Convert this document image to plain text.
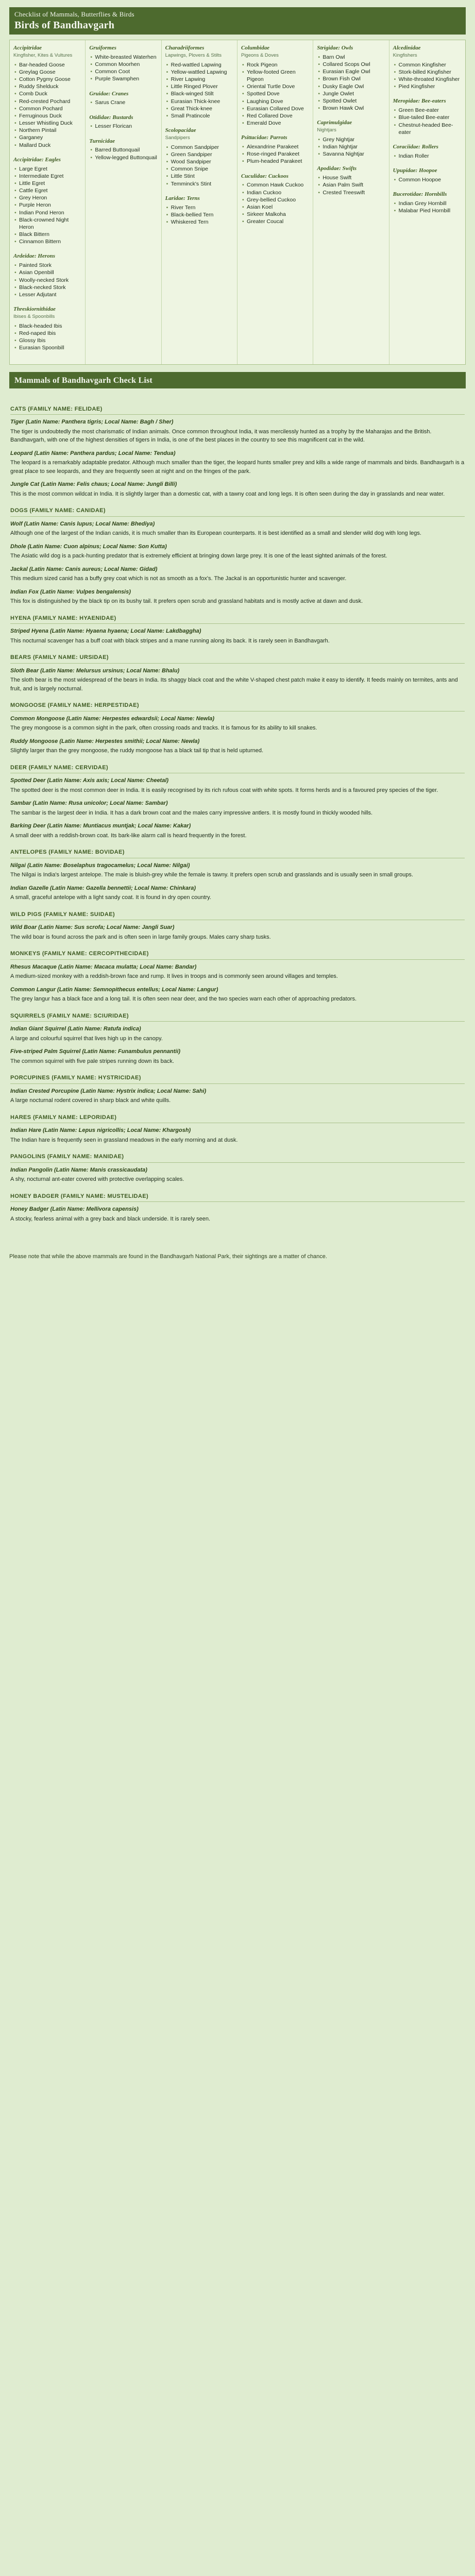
Checklist of Mammals, Butterflies & Birds
Birds of Bandhavgarh
Accipitridae
Kingfisher, Kites & Vultures
• Bar-headed Goose
• Greylag Goose
• Cotton Pygmy Goose
• Ruddy Shelduck
• Comb Duck
• Red-crested Pochard
• Common Pochard
• Ferruginous Duck
• Lesser Whistling Duck
• Northern Pintail
• Garganey
• Mallard Duck
Accipitridae: Eagles
• Large Egret
• Intermediate Egret
• Little Egret
• Cattle Egret
• Grey Heron
• Purple Heron
• Indian Pond Heron
• Black-crowned Night Heron
• Black Bittern
• Cinnamon Bittern
Ardeidae: Herons
• Painted Stork
• Asian Openbill
• Woolly-necked Stork
• Black-necked Stork
• Lesser Adjutant
Threskiornithidae
Ibises & Spoonbills
• Black-headed Ibis
• Red-naped Ibis
• Glossy Ibis
• Eurasian Spoonbill
Gruiformes
• White-breasted Waterhen
• Common Moorhen
• Common Coot
• Purple Swamphen
Gruidae: Cranes
• Sarus Crane
Otididae: Bustards
• Lesser Florican
Turnicidae
• Barred Buttonquail
• Yellow-legged Buttonquail
Charadriiformes
Lapwings, Plovers & Stilts
• Red-wattled Lapwing
• Yellow-wattled Lapwing
• River Lapwing
• Little Ringed Plover
• Black-winged Stilt
• Eurasian Thick-knee
• Great Thick-knee
• Small Pratincole
Scolopacidae
Sandpipers
• Common Sandpiper
• Green Sandpiper
• Wood Sandpiper
• Common Snipe
• Little Stint
• Temminck's Stint
Laridae: Terns
• River Tern
• Black-bellied Tern
• Whiskered Tern
Columbidae
Pigeons & Doves
• Rock Pigeon
• Yellow-footed Green Pigeon
• Oriental Turtle Dove
• Spotted Dove
• Laughing Dove
• Eurasian Collared Dove
• Red Collared Dove
• Emerald Dove
Psittacidae: Parrots
• Alexandrine Parakeet
• Rose-ringed Parakeet
• Plum-headed Parakeet
Cuculidae: Cuckoos
• Common Hawk Cuckoo
• Indian Cuckoo
• Grey-bellied Cuckoo
• Asian Koel
• Sirkeer Malkoha
• Greater Coucal
Strigidae: Owls
• Barn Owl
• Collared Scops Owl
• Eurasian Eagle Owl
• Brown Fish Owl
• Dusky Eagle Owl
• Jungle Owlet
• Spotted Owlet
• Brown Hawk Owl
Caprimulgidae
Nightjars
• Grey Nightjar
• Indian Nightjar
• Savanna Nightjar
Apodidae: Swifts
• House Swift
• Asian Palm Swift
• Crested Treeswift
Alcedinidae
Kingfishers
• Common Kingfisher
• Stork-billed Kingfisher
• White-throated Kingfisher
• Pied Kingfisher
Meropidae: Bee-eaters
• Green Bee-eater
• Blue-tailed Bee-eater
• Chestnut-headed Bee-eater
Coraciidae: Rollers
• Indian Roller
Upupidae: Hoopoe
• Common Hoopoe
Bucerotidae: Hornbills
• Indian Grey Hornbill
• Malabar Pied Hornbill
Mammals of Bandhavgarh Check List
CATS (FAMILY NAME: FELIDAE)
Tiger (Latin Name: Panthera tigris; Local Name: Bagh / Sher)

The tiger is undoubtedly the most charismatic of Indian animals. Once common throughout India, it was mercilessly hunted as a trophy by the Maharajas and the British. Bandhavgarh, with one of the highest densities of tigers in India, is one of the best places in the country to see this magnificent cat in the wild.

Leopard (Latin Name: Panthera pardus; Local Name: Tendua)

The leopard is a remarkably adaptable predator. Although much smaller than the tiger, the leopard hunts smaller prey and kills a wide range of mammals and birds. Bandhavgarh is a great place to see leopards, and they are frequently seen at night and on the fringes of the park.

Jungle Cat (Latin Name: Felis chaus; Local Name: Jungli Billi)

This is the most common wildcat in India. It is slightly larger than a domestic cat, with a tawny coat and long legs. It is often seen during the day in grasslands and near water.

DOGS (FAMILY NAME: CANIDAE)
Wolf (Latin Name: Canis lupus; Local Name: Bhediya)

Although one of the largest of the Indian canids, it is much smaller than its European counterparts. It is best identified as a small and slender wild dog with long legs.

Dhole (Latin Name: Cuon alpinus; Local Name: Son Kutta)

The Asiatic wild dog is a pack-hunting predator that is extremely efficient at bringing down large prey. It is one of the least sighted animals of the forest.

Jackal (Latin Name: Canis aureus; Local Name: Gidad)

This medium sized canid has a buffy grey coat which is not as smooth as a fox's. The Jackal is an opportunistic hunter and scavenger.

Indian Fox (Latin Name: Vulpes bengalensis)

This fox is distinguished by the black tip on its bushy tail. It prefers open scrub and grassland habitats and is mostly active at dawn and dusk.

HYENA (FAMILY NAME: HYAENIDAE)
Striped Hyena (Latin Name: Hyaena hyaena; Local Name: Lakdbaggha)

This nocturnal scavenger has a buff coat with black stripes and a mane running along its back. It is rarely seen in Bandhavgarh.

BEARS (FAMILY NAME: URSIDAE)
Sloth Bear (Latin Name: Melursus ursinus; Local Name: Bhalu)

The sloth bear is the most widespread of the bears in India. Its shaggy black coat and the white V-shaped chest patch make it easy to identify. It feeds mainly on termites, ants and fruit, and is largely nocturnal.

MONGOOSE (FAMILY NAME: HERPESTIDAE)
Common Mongoose (Latin Name: Herpestes edwardsii; Local Name: Newla)

The grey mongoose is a common sight in the park, often crossing roads and tracks. It is famous for its ability to kill snakes.

Ruddy Mongoose (Latin Name: Herpestes smithii; Local Name: Newla)

Slightly larger than the grey mongoose, the ruddy mongoose has a black tail tip that is held upturned.

DEER (FAMILY NAME: CERVIDAE)
Spotted Deer (Latin Name: Axis axis; Local Name: Cheetal)

The spotted deer is the most common deer in India. It is easily recognised by its rich rufous coat with white spots. It forms herds and is a favoured prey species of the tiger.

Sambar (Latin Name: Rusa unicolor; Local Name: Sambar)

The sambar is the largest deer in India. It has a dark brown coat and the males carry impressive antlers. It is mostly found in thickly wooded hills.

Barking Deer (Latin Name: Muntiacus muntjak; Local Name: Kakar)

A small deer with a reddish-brown coat. Its bark-like alarm call is heard frequently in the forest.

ANTELOPES (FAMILY NAME: BOVIDAE)
Nilgai (Latin Name: Boselaphus tragocamelus; Local Name: Nilgai)

The Nilgai is India's largest antelope. The male is bluish-grey while the female is tawny. It prefers open scrub and grasslands and is usually seen in small groups.

Indian Gazelle (Latin Name: Gazella bennettii; Local Name: Chinkara)

A small, graceful antelope with a light sandy coat. It is found in dry open country.

WILD PIGS (FAMILY NAME: SUIDAE)
Wild Boar (Latin Name: Sus scrofa; Local Name: Jangli Suar)

The wild boar is found across the park and is often seen in large family groups. Males carry sharp tusks.

MONKEYS (FAMILY NAME: CERCOPITHECIDAE)
Rhesus Macaque (Latin Name: Macaca mulatta; Local Name: Bandar)

A medium-sized monkey with a reddish-brown face and rump. It lives in troops and is commonly seen around villages and temples.

Common Langur (Latin Name: Semnopithecus entellus; Local Name: Langur)

The grey langur has a black face and a long tail. It is often seen near deer, and the two species warn each other of approaching predators.

SQUIRRELS (FAMILY NAME: SCIURIDAE)
Indian Giant Squirrel (Latin Name: Ratufa indica)

A large and colourful squirrel that lives high up in the canopy.

Five-striped Palm Squirrel (Latin Name: Funambulus pennantii)

The common squirrel with five pale stripes running down its back.

PORCUPINES (FAMILY NAME: HYSTRICIDAE)
Indian Crested Porcupine (Latin Name: Hystrix indica; Local Name: Sahi)

A large nocturnal rodent covered in sharp black and white quills.

HARES (FAMILY NAME: LEPORIDAE)
Indian Hare (Latin Name: Lepus nigricollis; Local Name: Khargosh)

The Indian hare is frequently seen in grassland meadows in the early morning and at dusk.

PANGOLINS (FAMILY NAME: MANIDAE)
Indian Pangolin (Latin Name: Manis crassicaudata)

A shy, nocturnal ant-eater covered with protective overlapping scales.

HONEY BADGER (FAMILY NAME: MUSTELIDAE)
Honey Badger (Latin Name: Mellivora capensis)

A stocky, fearless animal with a grey back and black underside. It is rarely seen.

Please note that while the above mammals are found in the Bandhavgarh National Park, their sightings are a matter of chance.
